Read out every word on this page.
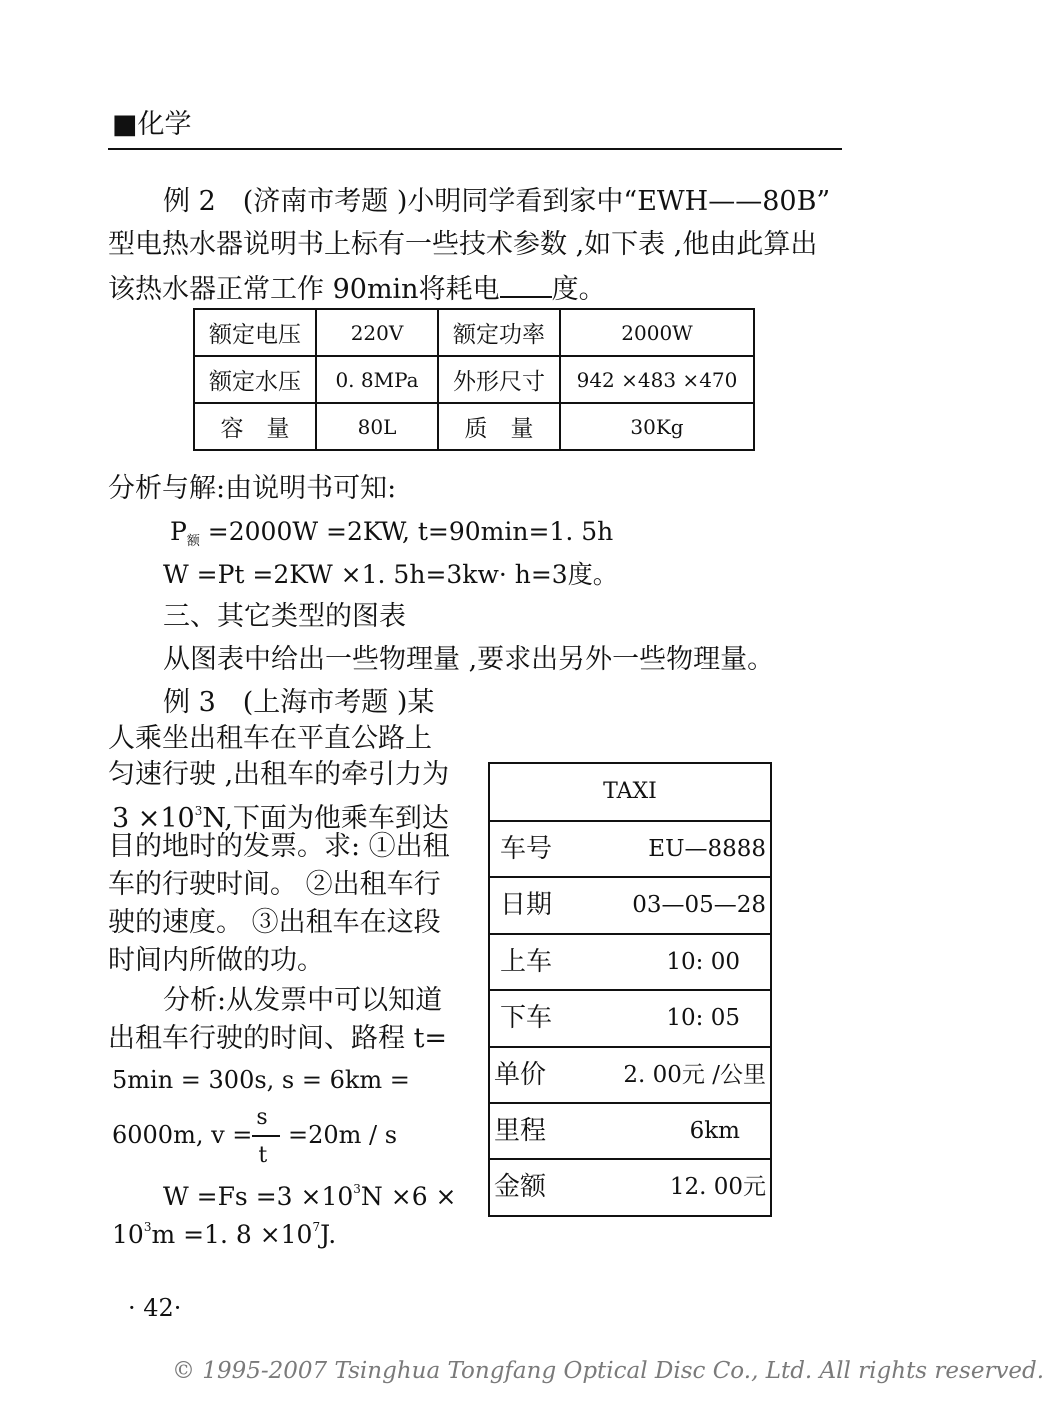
■化学
例 2　(济南市考题 )小明同学看到家中“EWH——80B”
型电热水器说明书上标有一些技术参数 ,如下表 ,他由此算出
该热水器正常工作 90min将耗电 度。
额定电压	220V	额定功率	2000W
额定水压	0. 8MPa	外形尺寸	942 ×483 ×470
容　量	80L	质　量	30Kg
分析与解:由说明书可知:
$P_额 =2000W =2KW$, t=90min=1. 5h
W =Pt =2KW ×1. 5h=3kw· h=3度。
三、其它类型的图表
从图表中给出一些物理量 ,要求出另外一些物理量。
例 3　(上海市考题 )某
人乘坐出租车在平直公路上
匀速行驶 ,出租车的牵引力为
$3 \times 10^3N$,下面为他乘车到达
目的地时的发票。求: ①出租
车的行驶时间。 ②出租车行
驶的速度。 ③出租车在这段
时间内所做的功。
分析:从发票中可以知道
出租车行驶的时间、路程 t=
5min = 300s, s = 6km =
6000m, $v = \frac{s}{t} =20m / s$
$W =Fs =3 \times 10^3N \times 6$ ×
$10^3m =1$. $8 \times 10^7J$.
TAXI
车号	EU—8888
日期	03—05—28
上车	10: 00
下车	10: 05
单价	2. 00元 /公里
里程	6km
金额	12. 00元
· 42·
© 1995-2007 Tsinghua Tongfang Optical Disc Co., Ltd. All rights reserved.
